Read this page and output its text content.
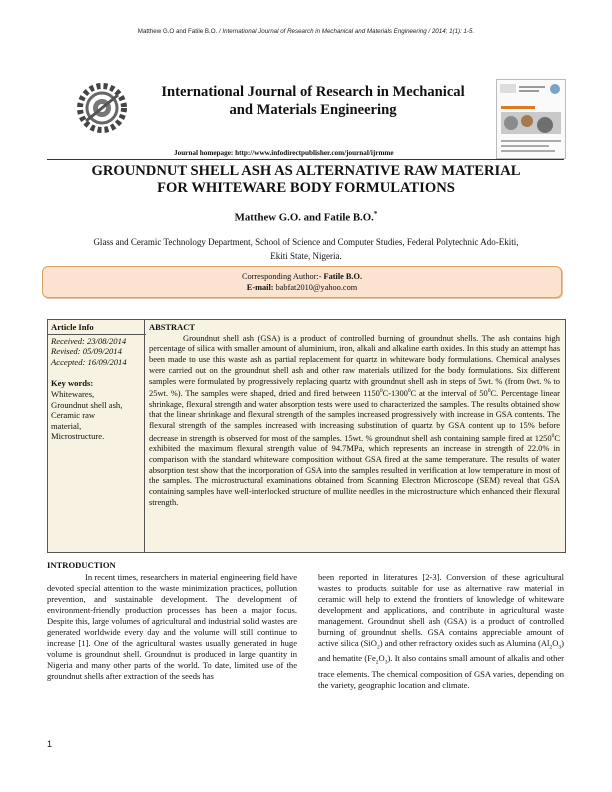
Matthew G.O and Fatile B.O. / International Journal of Research in Mechanical and Materials Engineering / 2014; 1(1): 1-5.
International Journal of Research in Mechanical
and Materials Engineering
Journal homepage: http://www.infodirectpublisher.com/journal/ijrmme
GROUNDNUT SHELL ASH AS ALTERNATIVE RAW MATERIAL
FOR WHITEWARE BODY FORMULATIONS
Matthew G.O. and Fatile B.O.*
Glass and Ceramic Technology Department, School of Science and Computer Studies, Federal Polytechnic Ado-Ekiti,
Ekiti State, Nigeria.
Corresponding Author:- Fatile B.O.
E-mail: babfat2010@yahoo.com
Article Info
Received: 23/08/2014
Revised: 05/09/2014
Accepted: 16/09/2014
Key words:
Whitewares,
Groundnut shell ash,
Ceramic raw
material,
Microstructure.
ABSTRACT
Groundnut shell ash (GSA) is a product of controlled burning of groundnut shells. The ash contains high percentage of silica with smaller amount of aluminium, iron, alkali and alkaline earth oxides. In this study an attempt has been made to use this waste ash as partial replacement for quartz in whiteware body formulations. Chemical analyses were carried out on the groundnut shell ash and other raw materials utilized for the body formulations. Six different samples were formulated by progressively replacing quartz with groundnut shell ash in steps of 5wt. % (from 0wt. % to 25wt. %). The samples were shaped, dried and fired between 1150$^0$C-1300$^0$C at the interval of $50^0C$. Percentage linear shrinkage, flexural strength and water absorption tests were used to characterized the samples. The results obtained show that the linear shrinkage and flexural strength of the samples increased progressively with increase in GSA contents. The flexural strength of the samples increased with increasing substitution of quartz by GSA content up to 15% before decrease in strength is observed for most of the samples. 15wt. % groundnut shell ash containing sample fired at 1250$^0$C exhibited the maximum flexural strength value of 94.7MPa, which represents an increase in strength of 22.0% in comparison with the standard whiteware composition without GSA fired at the same temperature. The results of water absorption test show that the incorporation of GSA into the samples resulted in verification at low temperature in most of the samples. The microstructural examinations obtained from Scanning Electron Microscope (SEM) reveal that GSA containing samples have well-interlocked structure of mullite needles in the microstructure which enhanced their flexural strength.
INTRODUCTION
In recent times, researchers in material engineering field have devoted special attention to the waste minimization practices, pollution prevention, and sustainable development. The development of environment-friendly production processes has been a major focus. Despite this, large volumes of agricultural and industrial solid wastes are generated worldwide every day and the volume will still continue to increase [1]. One of the agricultural wastes usually generated in huge volume is groundnut shell. Groundnut is produced in large quantity in Nigeria and many other parts of the world. To date, limited use of the groundnut shells after extraction of the seeds has
been reported in literatures [2-3]. Conversion of these agricultural wastes to products suitable for use as alternative raw material in ceramic will help to extend the frontiers of knowledge of whiteware development and applications, and contribute in agricultural waste management. Groundnut shell ash (GSA) is a product of controlled burning of groundnut shells. GSA contains appreciable amount of active silica (SiO$_2$) and other refractory oxides such as Alumina $(Al_2O_3)$ and hematite $(Fe_2O_3)$. It also contains small amount of alkalis and other trace elements. The chemical composition of GSA varies, depending on the variety, geographic location and climate.
1
